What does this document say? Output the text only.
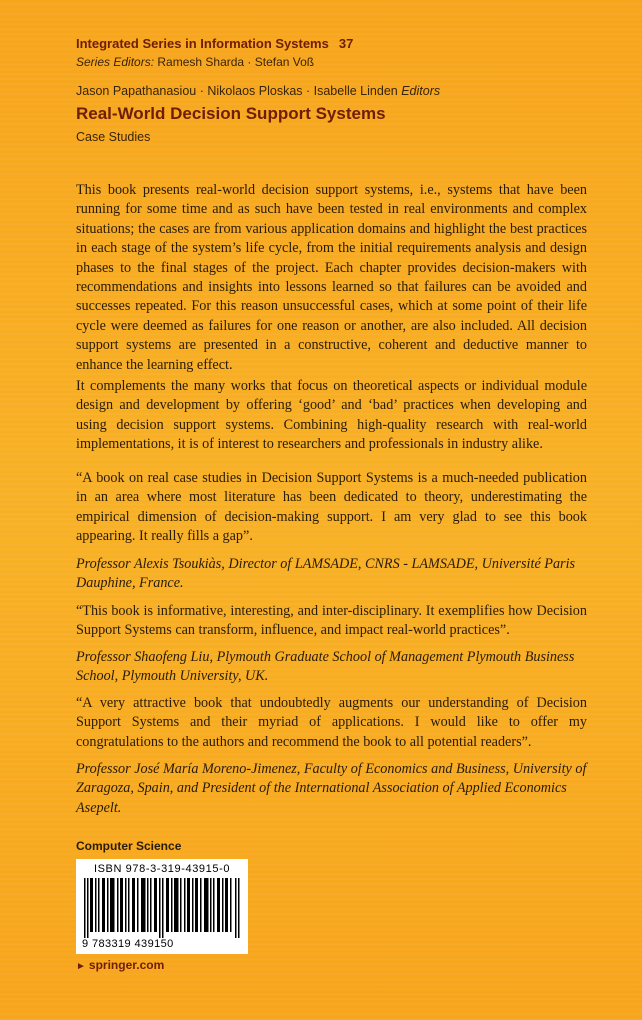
Integrated Series in Information Systems 37
Series Editors: Ramesh Sharda · Stefan Voß
Jason Papathanasiou · Nikolaos Ploskas · Isabelle Linden Editors
Real-World Decision Support Systems
Case Studies

This book presents real-world decision support systems, i.e., systems that have been running for some time and as such have been tested in real environments and complex situations; the cases are from various application domains and highlight the best practices in each stage of the system’s life cycle, from the initial requirements analysis and design phases to the final stages of the project. Each chapter provides decision-makers with recommendations and insights into lessons learned so that failures can be avoided and successes repeated. For this reason unsuccessful cases, which at some point of their life cycle were deemed as failures for one reason or another, are also included. All decision support systems are presented in a constructive, coherent and deductive manner to enhance the learning effect.

It complements the many works that focus on theoretical aspects or individual module design and development by offering ‘good’ and ‘bad’ practices when developing and using decision support systems. Combining high-quality research with real-world implementations, it is of interest to researchers and professionals in industry alike.

“A book on real case studies in Decision Support Systems is a much-needed publication in an area where most literature has been dedicated to theory, underestimating the empirical dimension of decision-making support. I am very glad to see this book appearing. It really fills a gap”.

Professor Alexis Tsoukiàs, Director of LAMSADE, CNRS - LAMSADE, Université Paris Dauphine, France.

“This book is informative, interesting, and inter-disciplinary. It exemplifies how Decision Support Systems can transform, influence, and impact real-world practices”.

Professor Shaofeng Liu, Plymouth Graduate School of Management Plymouth Business School, Plymouth University, UK.

“A very attractive book that undoubtedly augments our understanding of Decision Support Systems and their myriad of applications. I would like to offer my congratulations to the authors and recommend the book to all potential readers”.

Professor José María Moreno-Jimenez, Faculty of Economics and Business, University of Zaragoza, Spain, and President of the International Association of Applied Economics Asepelt.

Computer Science
ISBN 978-3-319-43915-0
9 783319 439150
► springer.com
